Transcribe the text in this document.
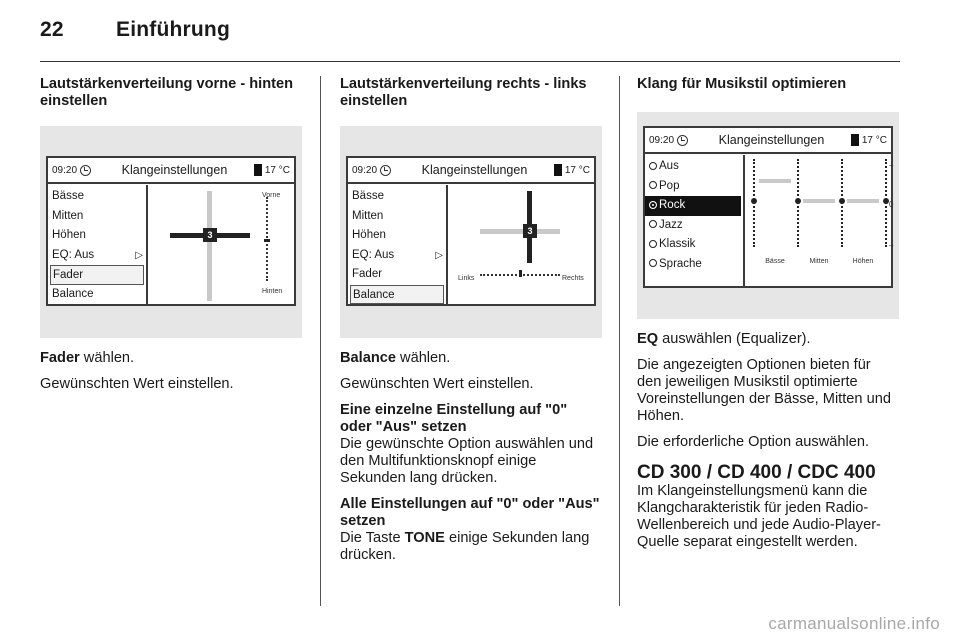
22 Einführung
Lautstärkenverteilung vorne - hinten einstellen
09:20	Klangeinstellungen	17 °C
Bässe
Mitten
Höhen
EQ: Aus	▷
Fader
Balance
3
Vorne
Hinten

Fader wählen.

Gewünschten Wert einstellen.

Lautstärkenverteilung rechts - links einstellen
09:20	Klangeinstellungen	17 °C
Bässe
Mitten
Höhen
EQ: Aus	▷
Fader
Balance
3
Links	Rechts

Balance wählen.

Gewünschten Wert einstellen.

Eine einzelne Einstellung auf "0" oder "Aus" setzen

Die gewünschte Option auswählen und den Multifunktionsknopf einige Sekunden lang drücken.

Alle Einstellungen auf "0" oder "Aus" setzen

Die Taste TONE einige Sekunden lang drücken.

Klang für Musikstil optimieren
09:20	Klangeinstellungen	17 °C
Aus
Pop
Rock
Jazz
Klassik
Sprache
+
0
–
Bässe	Mitten	Höhen

EQ auswählen (Equalizer).

Die angezeigten Optionen bieten für den jeweiligen Musikstil optimierte Voreinstellungen der Bässe, Mitten und Höhen.

Die erforderliche Option auswählen.

CD 300 / CD 400 / CDC 400

Im Klangeinstellungsmenü kann die Klangcharakteristik für jeden Radio-Wellenbereich und jede Audio-Player-Quelle separat eingestellt werden.

carmanualsonline.info
